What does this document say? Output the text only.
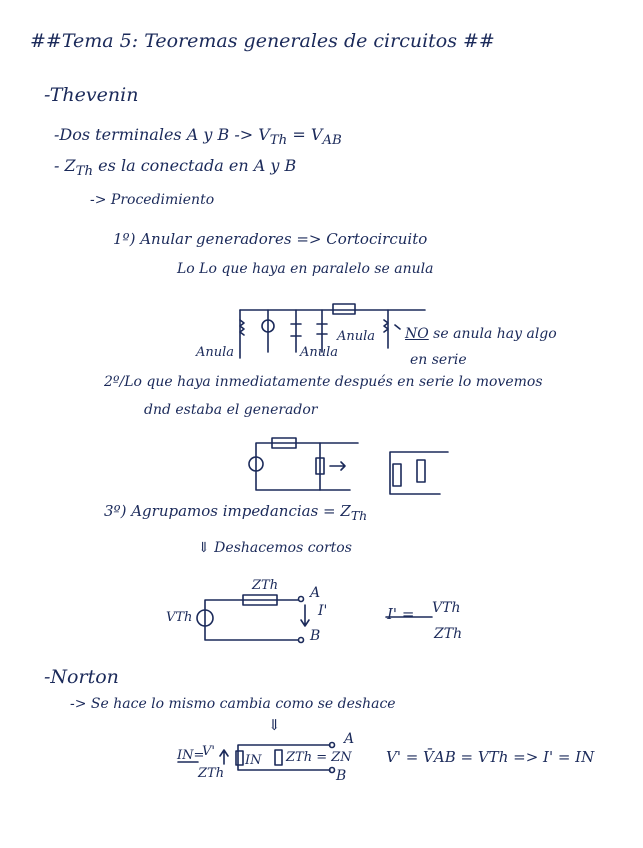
##Tema 5: Teoremas generales de circuitos ##
-Thevenin
-Dos terminales A y $B -> V_{Th} = V_{AB}$
- $Z_{Th}$ es la conectada en A y B
-> Procedimiento
1º) Anular generadores => Cortocircuito
Lo Lo que haya en paralelo se anula
Anula
Anula
Anula
NO se anula hay algo
en serie
2º/Lo que haya inmediatamente después en serie lo movemos
dnd estaba el generador
3º) Agrupamos impedancias = $Z_{Th}$
⇓ Deshacemos cortos
ZTh A
B
I'
VTh	I' = VTh
ZTh
-Norton
-> Se hace lo mismo cambia como se deshace
⇓
IN=
V'
ZTh
IN ZTh = ZN
A
B
V' = V̄AB = VTh => I' = IN
